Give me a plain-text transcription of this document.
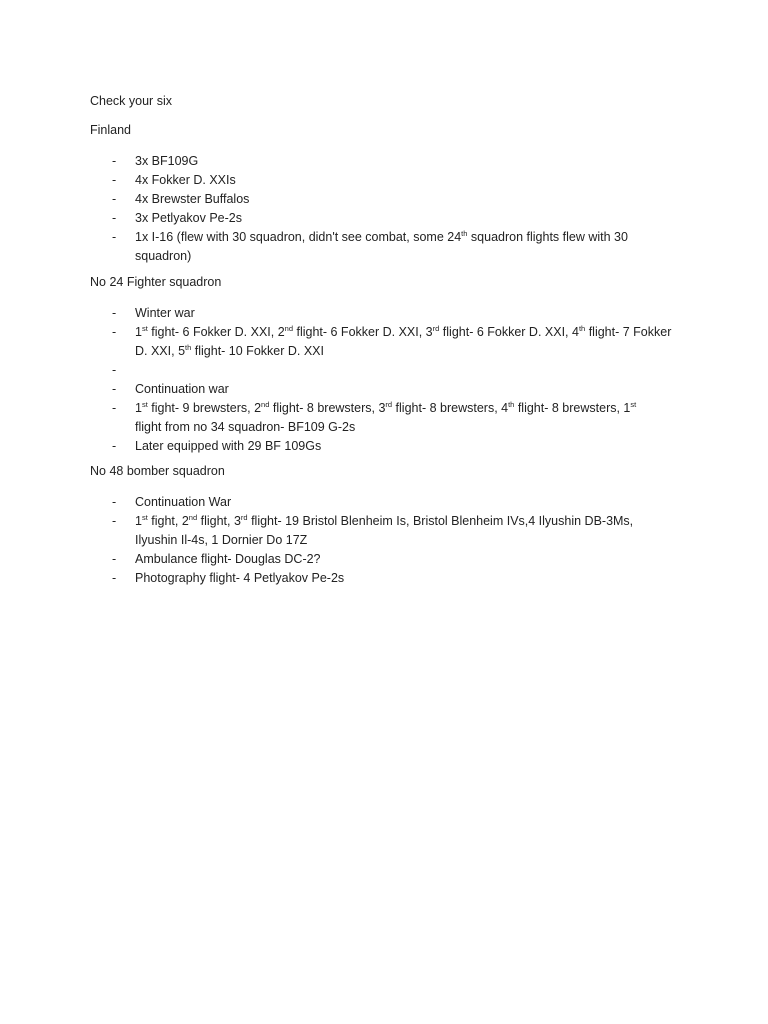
Check your six
Finland
- 3x BF109G
- 4x Fokker D. XXIs
- 4x Brewster Buffalos
- 3x Petlyakov Pe-2s
- 1x I-16 (flew with 30 squadron, didn't see combat, some 24th squadron flights flew with 30
squadron)
No 24 Fighter squadron
- Winter war
- 1st fight- 6 Fokker D. XXI, 2nd flight- 6 Fokker D. XXI, 3rd flight- 6 Fokker D. XXI, 4th flight- 7 Fokker
D. XXI, 5th flight- 10 Fokker D. XXI
-

- Continuation war
- 1st fight- 9 brewsters, 2nd flight- 8 brewsters, 3rd flight- 8 brewsters, 4th flight- 8 brewsters, 1st
flight from no 34 squadron- BF109 G-2s
- Later equipped with 29 BF 109Gs
No 48 bomber squadron
- Continuation War
- 1st fight, 2nd flight, 3rd flight- 19 Bristol Blenheim Is, Bristol Blenheim IVs,4 Ilyushin DB-3Ms,
Ilyushin Il-4s, 1 Dornier Do 17Z
- Ambulance flight- Douglas DC-2?
- Photography flight- 4 Petlyakov Pe-2s
